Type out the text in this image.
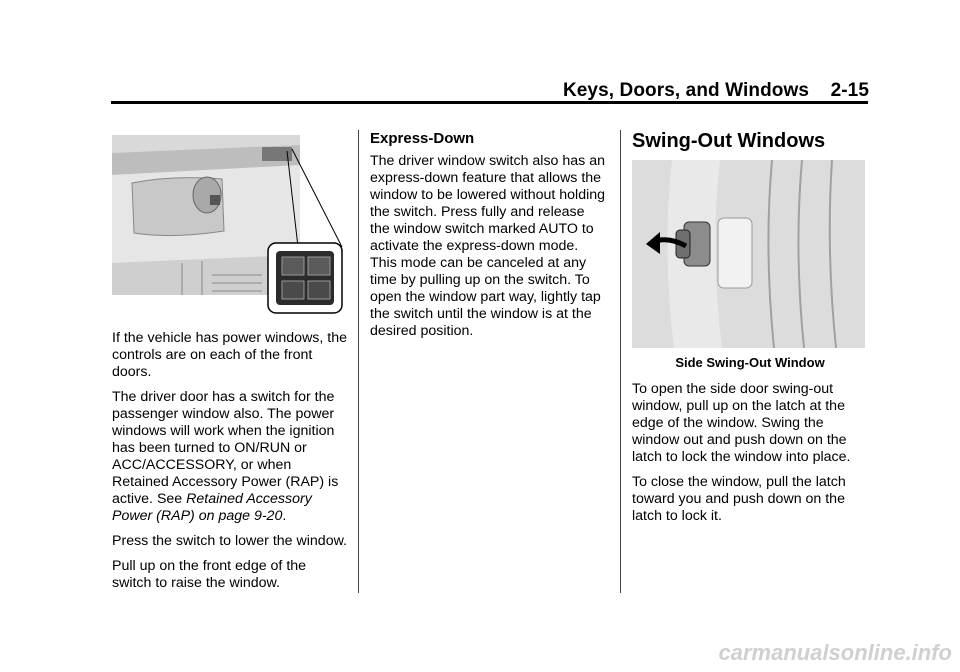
Keys, Doors, and Windows 2-15

If the vehicle has power windows, the controls are on each of the front doors.

The driver door has a switch for the passenger window also. The power windows will work when the ignition has been turned to ON/RUN or ACC/ACCESSORY, or when Retained Accessory Power (RAP) is active. See Retained Accessory Power (RAP) on page 9-20.

Press the switch to lower the window.

Pull up on the front edge of the switch to raise the window.

Express-Down

The driver window switch also has an express-down feature that allows the window to be lowered without holding the switch. Press fully and release the window switch marked AUTO to activate the express-down mode. This mode can be canceled at any time by pulling up on the switch. To open the window part way, lightly tap the switch until the window is at the desired position.

Swing-Out Windows
Side Swing-Out Window

To open the side door swing-out window, pull up on the latch at the edge of the window. Swing the window out and push down on the latch to lock the window into place.

To close the window, pull the latch toward you and push down on the latch to lock it.

carmanualsonline.info
